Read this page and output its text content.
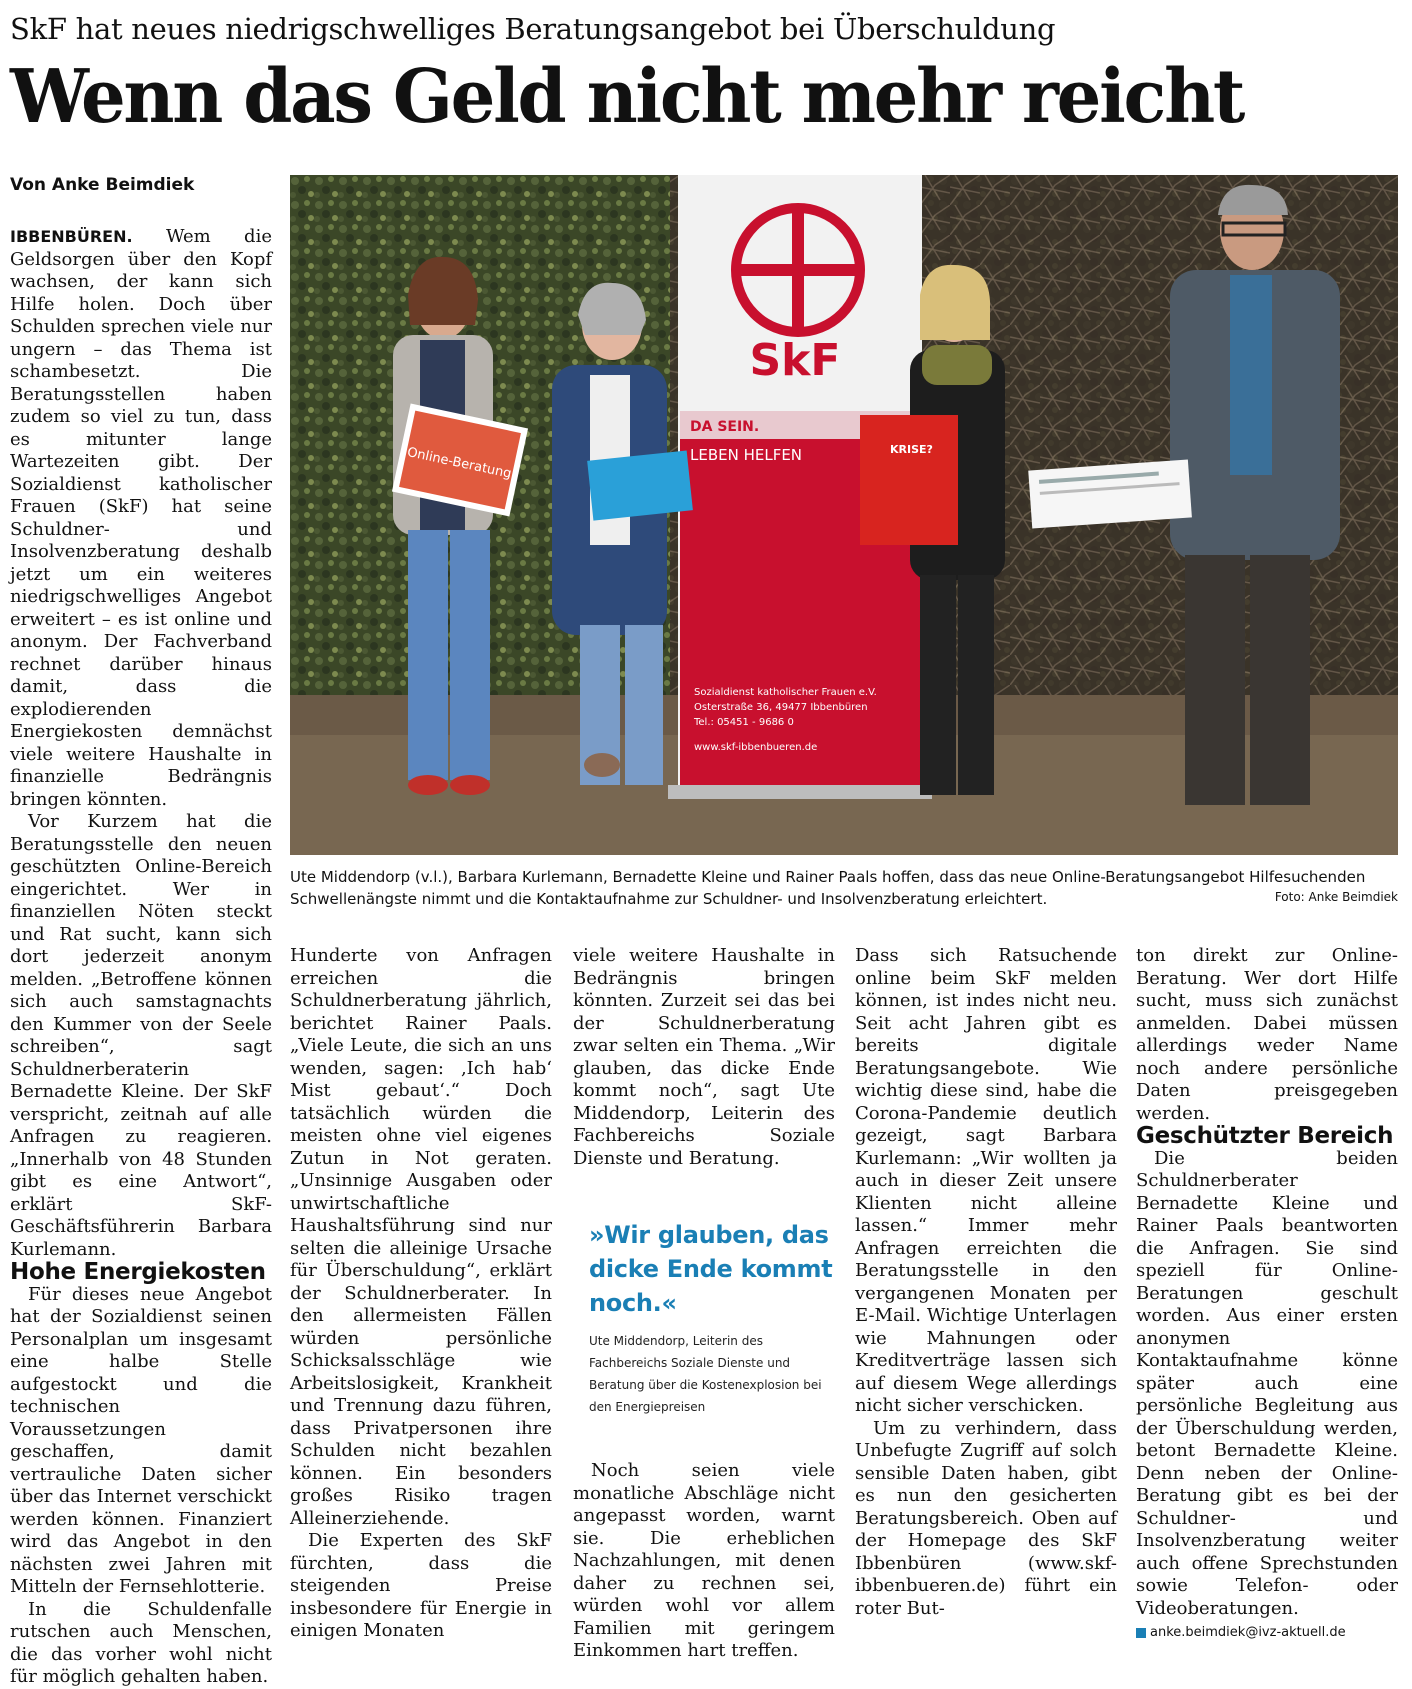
SkF hat neues niedrigschwelliges Beratungsangebot bei Überschuldung
Wenn das Geld nicht mehr reicht
Von Anke Beimdiek
SkF
DA SEIN.
LEBEN HELFEN
Sozialdienst katholischer Frauen e.V.
Osterstraße 36, 49477 Ibbenbüren
Tel.: 05451 - 9686 0
www.skf-ibbenbueren.de
Online-Beratung	KRISE?
Ute Middendorp (v.l.), Barbara Kurlemann, Bernadette Kleine und Rainer Paals hoffen, dass das neue Online-Beratungsangebot Hilfesuchenden Schwellenängste nimmt und die Kontaktaufnahme zur Schuldner- und Insolvenzberatung erleichtert.	Foto: Anke Beimdiek

IBBENBÜREN. Wem die Geldsorgen über den Kopf wachsen, der kann sich Hilfe holen. Doch über Schulden sprechen viele nur ungern – das Thema ist schambesetzt. Die Beratungsstellen haben zudem so viel zu tun, dass es mitunter lange Wartezeiten gibt. Der Sozialdienst katholischer Frauen (SkF) hat seine Schuldner- und Insolvenzberatung deshalb jetzt um ein weiteres niedrigschwelliges Angebot erweitert – es ist online und anonym. Der Fachverband rechnet darüber hinaus damit, dass die explodierenden Energiekosten demnächst viele weitere Haushalte in finanzielle Bedrängnis bringen könnten.

Vor Kurzem hat die Beratungsstelle den neuen geschützten Online-Bereich eingerichtet. Wer in finanziellen Nöten steckt und Rat sucht, kann sich dort jederzeit anonym melden. „Betroffene können sich auch samstagnachts den Kummer von der Seele schreiben“, sagt Schuldnerberaterin Bernadette Kleine. Der SkF verspricht, zeitnah auf alle Anfragen zu reagieren. „Innerhalb von 48 Stunden gibt es eine Antwort“, erklärt SkF-Geschäftsführerin Barbara Kurlemann.

Hohe Energiekosten

Für dieses neue Angebot hat der Sozialdienst seinen Personalplan um insgesamt eine halbe Stelle aufgestockt und die technischen Voraussetzungen geschaffen, damit vertrauliche Daten sicher über das Internet verschickt werden können. Finanziert wird das Angebot in den nächsten zwei Jahren mit Mitteln der Fernsehlotterie.

In die Schuldenfalle rutschen auch Menschen, die das vorher wohl nicht für möglich gehalten haben.

Hunderte von Anfragen erreichen die Schuldnerberatung jährlich, berichtet Rainer Paals. „Viele Leute, die sich an uns wenden, sagen: ‚Ich hab‘ Mist gebaut‘.“ Doch tatsächlich würden die meisten ohne viel eigenes Zutun in Not geraten. „Unsinnige Ausgaben oder unwirtschaftliche Haushaltsführung sind nur selten die alleinige Ursache für Überschuldung“, erklärt der Schuldnerberater. In den allermeisten Fällen würden persönliche Schicksalsschläge wie Arbeitslosigkeit, Krankheit und Trennung dazu führen, dass Privatpersonen ihre Schulden nicht bezahlen können. Ein besonders großes Risiko tragen Alleinerziehende.

Die Experten des SkF fürchten, dass die steigenden Preise insbesondere für Energie in einigen Monaten

viele weitere Haushalte in Bedrängnis bringen könnten. Zurzeit sei das bei der Schuldnerberatung zwar selten ein Thema. „Wir glauben, das dicke Ende kommt noch“, sagt Ute Middendorp, Leiterin des Fachbereichs Soziale Dienste und Beratung.

»Wir glauben, das dicke Ende kommt noch.«
Ute Middendorp, Leiterin des Fachbereichs Soziale Dienste und Beratung über die Kostenexplosion bei den Energiepreisen

Noch seien viele monatliche Abschläge nicht angepasst worden, warnt sie. Die erheblichen Nachzahlungen, mit denen daher zu rechnen sei, würden wohl vor allem Familien mit geringem Einkommen hart treffen.

Dass sich Ratsuchende online beim SkF melden können, ist indes nicht neu. Seit acht Jahren gibt es bereits digitale Beratungsangebote. Wie wichtig diese sind, habe die Corona-Pandemie deutlich gezeigt, sagt Barbara Kurlemann: „Wir wollten ja auch in dieser Zeit unsere Klienten nicht alleine lassen.“ Immer mehr Anfragen erreichten die Beratungsstelle in den vergangenen Monaten per E-Mail. Wichtige Unterlagen wie Mahnungen oder Kreditverträge lassen sich auf diesem Wege allerdings nicht sicher verschicken.

Um zu verhindern, dass Unbefugte Zugriff auf solch sensible Daten haben, gibt es nun den gesicherten Beratungsbereich. Oben auf der Homepage des SkF Ibbenbüren (www.skf-ibbenbueren.de) führt ein roter But-

ton direkt zur Online-Beratung. Wer dort Hilfe sucht, muss sich zunächst anmelden. Dabei müssen allerdings weder Name noch andere persönliche Daten preisgegeben werden.

Geschützter Bereich

Die beiden Schuldnerberater Bernadette Kleine und Rainer Paals beantworten die Anfragen. Sie sind speziell für Online-Beratungen geschult worden. Aus einer ersten anonymen Kontaktaufnahme könne später auch eine persönliche Begleitung aus der Überschuldung werden, betont Bernadette Kleine. Denn neben der Online-Beratung gibt es bei der Schuldner- und Insolvenzberatung weiter auch offene Sprechstunden sowie Telefon- oder Videoberatungen. anke.beimdiek@ivz-aktuell.de
